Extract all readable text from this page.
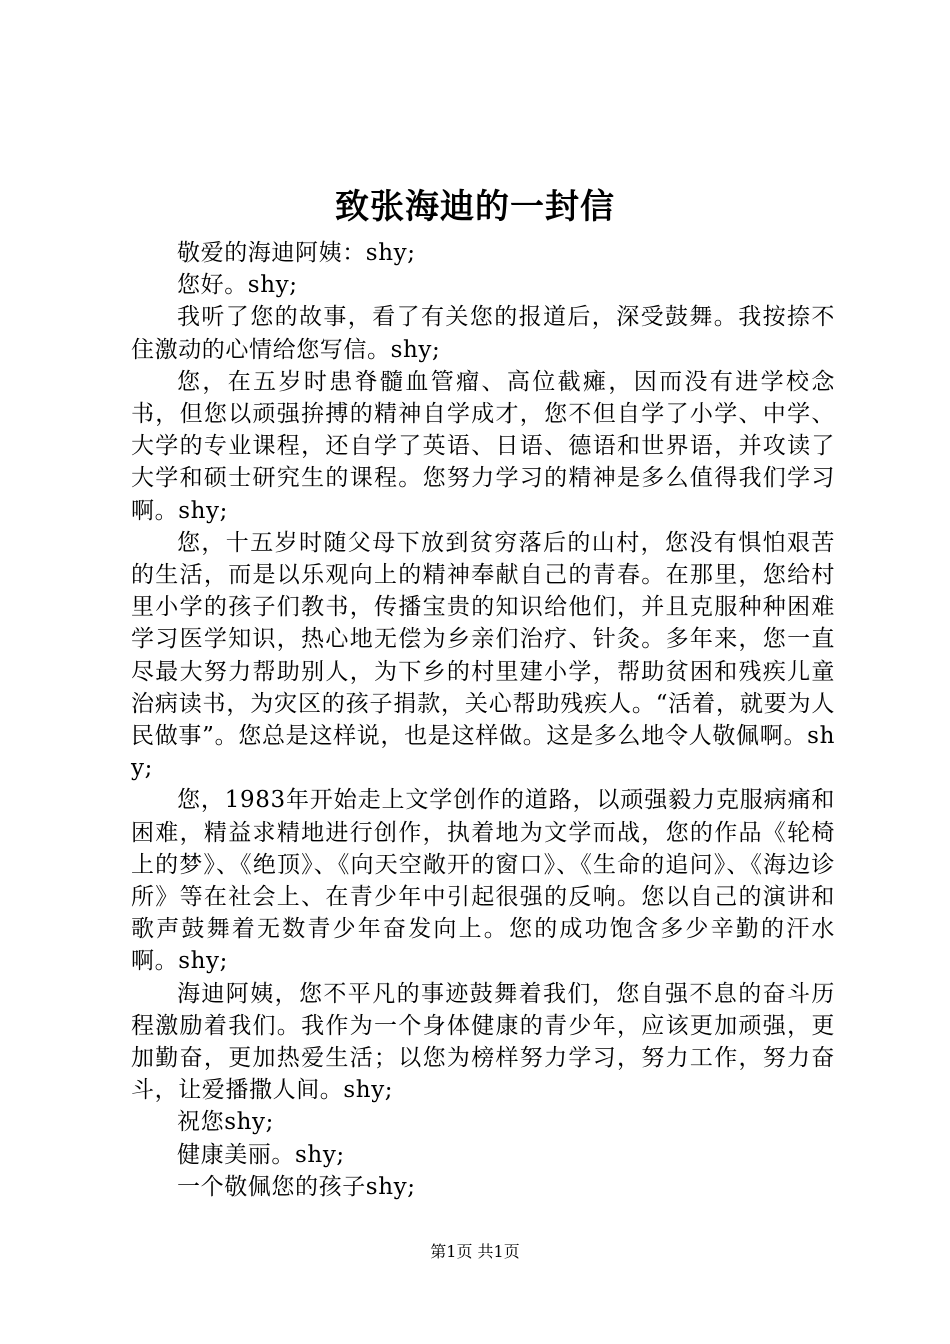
致张海迪的一封信

敬爱的海迪阿姨：shy;

您好。shy;

我听了您的故事，看了有关您的报道后，深受鼓舞。我按捺不住激动的心情给您写信。shy;

您，在五岁时患脊髓血管瘤、高位截瘫，因而没有进学校念书，但您以顽强拚搏的精神自学成才，您不但自学了小学、中学、大学的专业课程，还自学了英语、日语、德语和世界语，并攻读了大学和硕士研究生的课程。您努力学习的精神是多么值得我们学习啊。shy;

您，十五岁时随父母下放到贫穷落后的山村，您没有惧怕艰苦的生活，而是以乐观向上的精神奉献自己的青春。在那里，您给村里小学的孩子们教书，传播宝贵的知识给他们，并且克服种种困难学习医学知识，热心地无偿为乡亲们治疗、针灸。多年来，您一直尽最大努力帮助别人，为下乡的村里建小学，帮助贫困和残疾儿童治病读书，为灾区的孩子捐款，关心帮助残疾人。“活着，就要为人民做事”。您总是这样说，也是这样做。这是多么地令人敬佩啊。shy;

您，1983年开始走上文学创作的道路，以顽强毅力克服病痛和困难，精益求精地进行创作，执着地为文学而战，您的作品《轮椅上的梦》、《绝顶》、《向天空敞开的窗口》、《生命的追问》、《海边诊所》等在社会上、在青少年中引起很强的反响。您以自己的演讲和歌声鼓舞着无数青少年奋发向上。您的成功饱含多少辛勤的汗水啊。shy;

海迪阿姨，您不平凡的事迹鼓舞着我们，您自强不息的奋斗历程激励着我们。我作为一个身体健康的青少年，应该更加顽强，更加勤奋，更加热爱生活；以您为榜样努力学习，努力工作，努力奋斗，让爱播撒人间。shy;

祝您shy;

健康美丽。shy;

一个敬佩您的孩子shy;

第1页 共1页
